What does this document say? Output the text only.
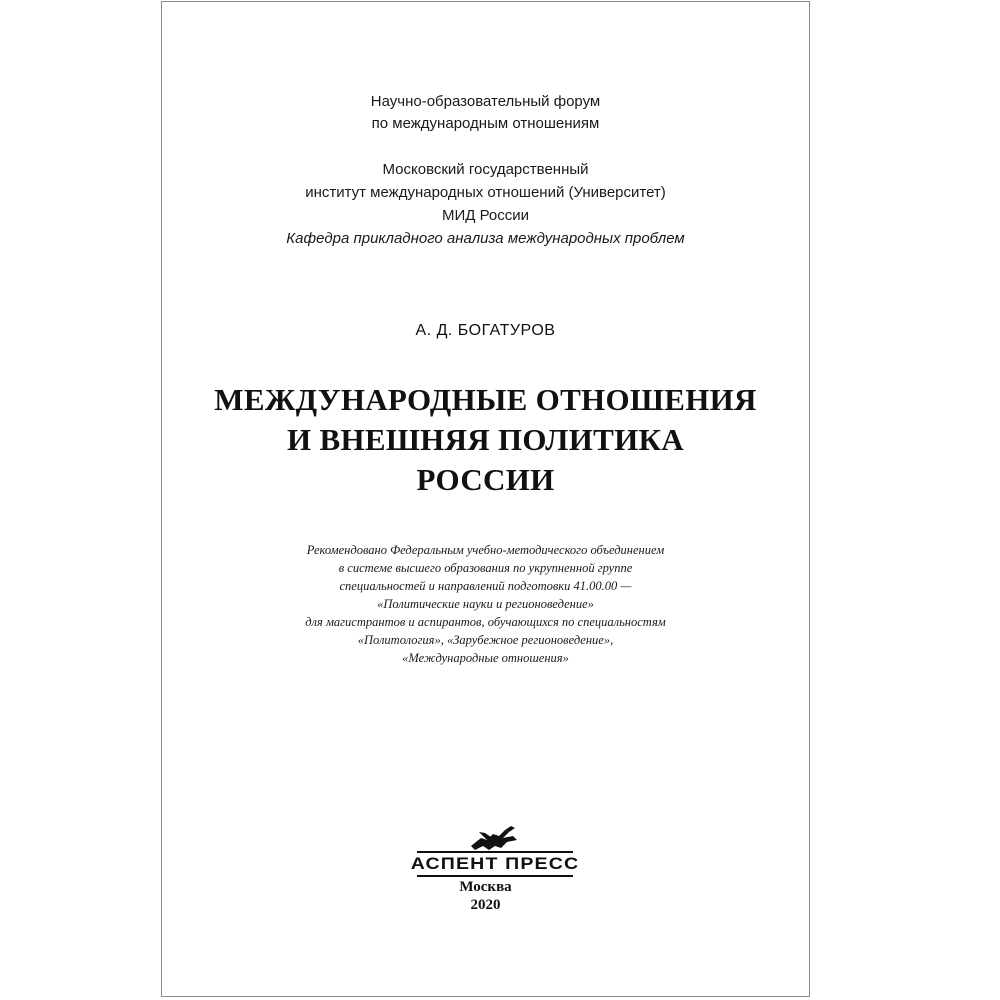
Научно-образовательный форум
по международным отношениям
Московский государственный
институт международных отношений (Университет)
МИД России
Кафедра прикладного анализа международных проблем
А. Д. БОГАТУРОВ
МЕЖДУНАРОДНЫЕ ОТНОШЕНИЯ
И ВНЕШНЯЯ ПОЛИТИКА
РОССИИ
Рекомендовано Федеральным учебно-методического объединением
в системе высшего образования по укрупненной группе
специальностей и направлений подготовки 41.00.00 —
«Политические науки и регионоведение»
для магистрантов и аспирантов, обучающихся по специальностям
«Политология», «Зарубежное регионоведение»,
«Международные отношения»
АСПЕНТ ПРЕСС
Москва
2020
